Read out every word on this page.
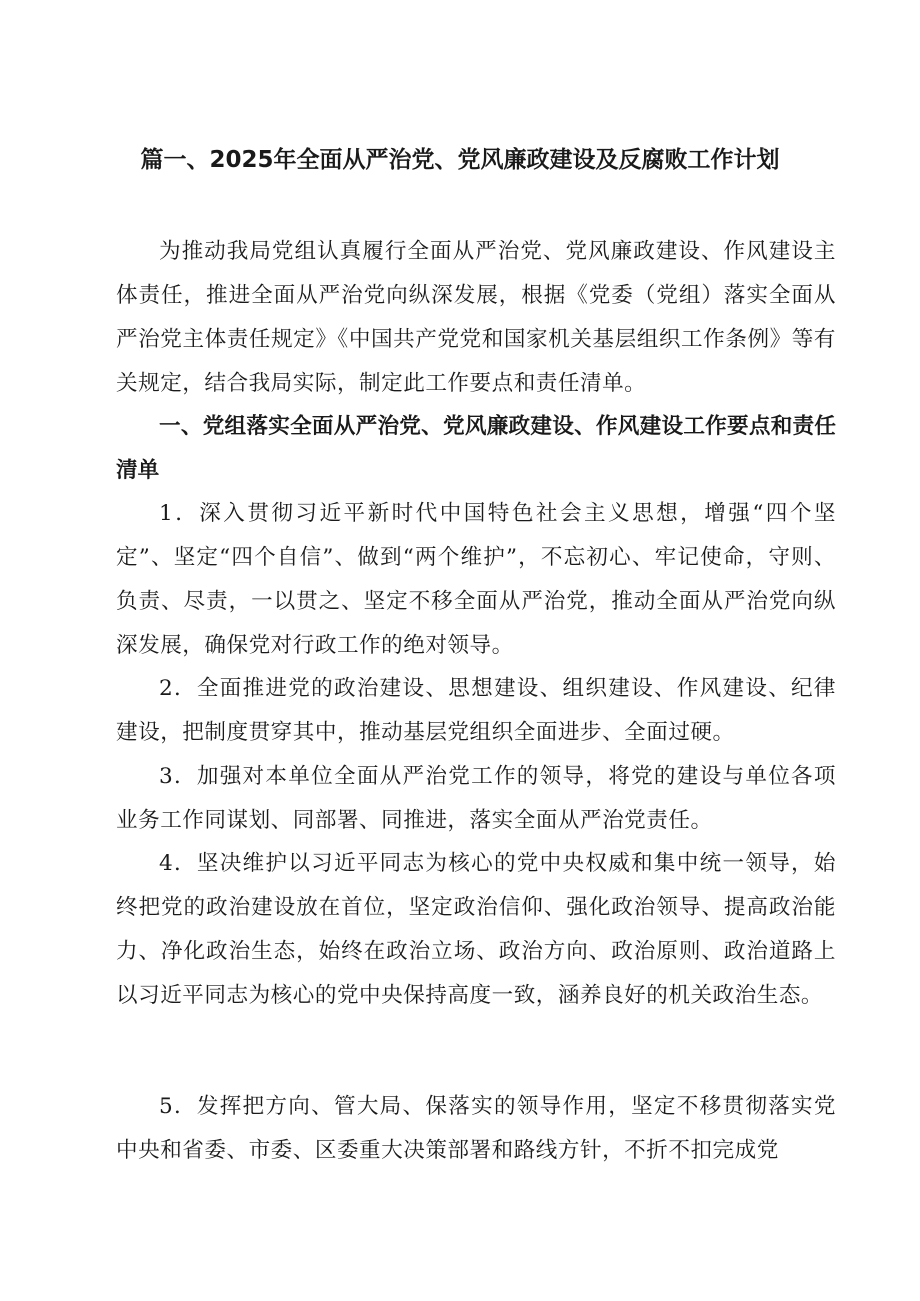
篇一、2025年全面从严治党、党风廉政建设及反腐败工作计划

为推动我局党组认真履行全面从严治党、党风廉政建设、作风建设主体责任，推进全面从严治党向纵深发展，根据《党委（党组）落实全面从严治党主体责任规定》《中国共产党党和国家机关基层组织工作条例》等有关规定，结合我局实际，制定此工作要点和责任清单。

一、党组落实全面从严治党、党风廉政建设、作风建设工作要点和责任清单

1．深入贯彻习近平新时代中国特色社会主义思想，增强“四个坚定”、坚定“四个自信”、做到“两个维护”，不忘初心、牢记使命，守则、负责、尽责，一以贯之、坚定不移全面从严治党，推动全面从严治党向纵深发展，确保党对行政工作的绝对领导。

2．全面推进党的政治建设、思想建设、组织建设、作风建设、纪律建设，把制度贯穿其中，推动基层党组织全面进步、全面过硬。

3．加强对本单位全面从严治党工作的领导，将党的建设与单位各项业务工作同谋划、同部署、同推进，落实全面从严治党责任。

4．坚决维护以习近平同志为核心的党中央权威和集中统一领导，始终把党的政治建设放在首位，坚定政治信仰、强化政治领导、提高政治能力、净化政治生态，始终在政治立场、政治方向、政治原则、政治道路上以习近平同志为核心的党中央保持高度一致，涵养良好的机关政治生态。

5．发挥把方向、管大局、保落实的领导作用，坚定不移贯彻落实党中央和省委、市委、区委重大决策部署和路线方针，不折不扣完成党
